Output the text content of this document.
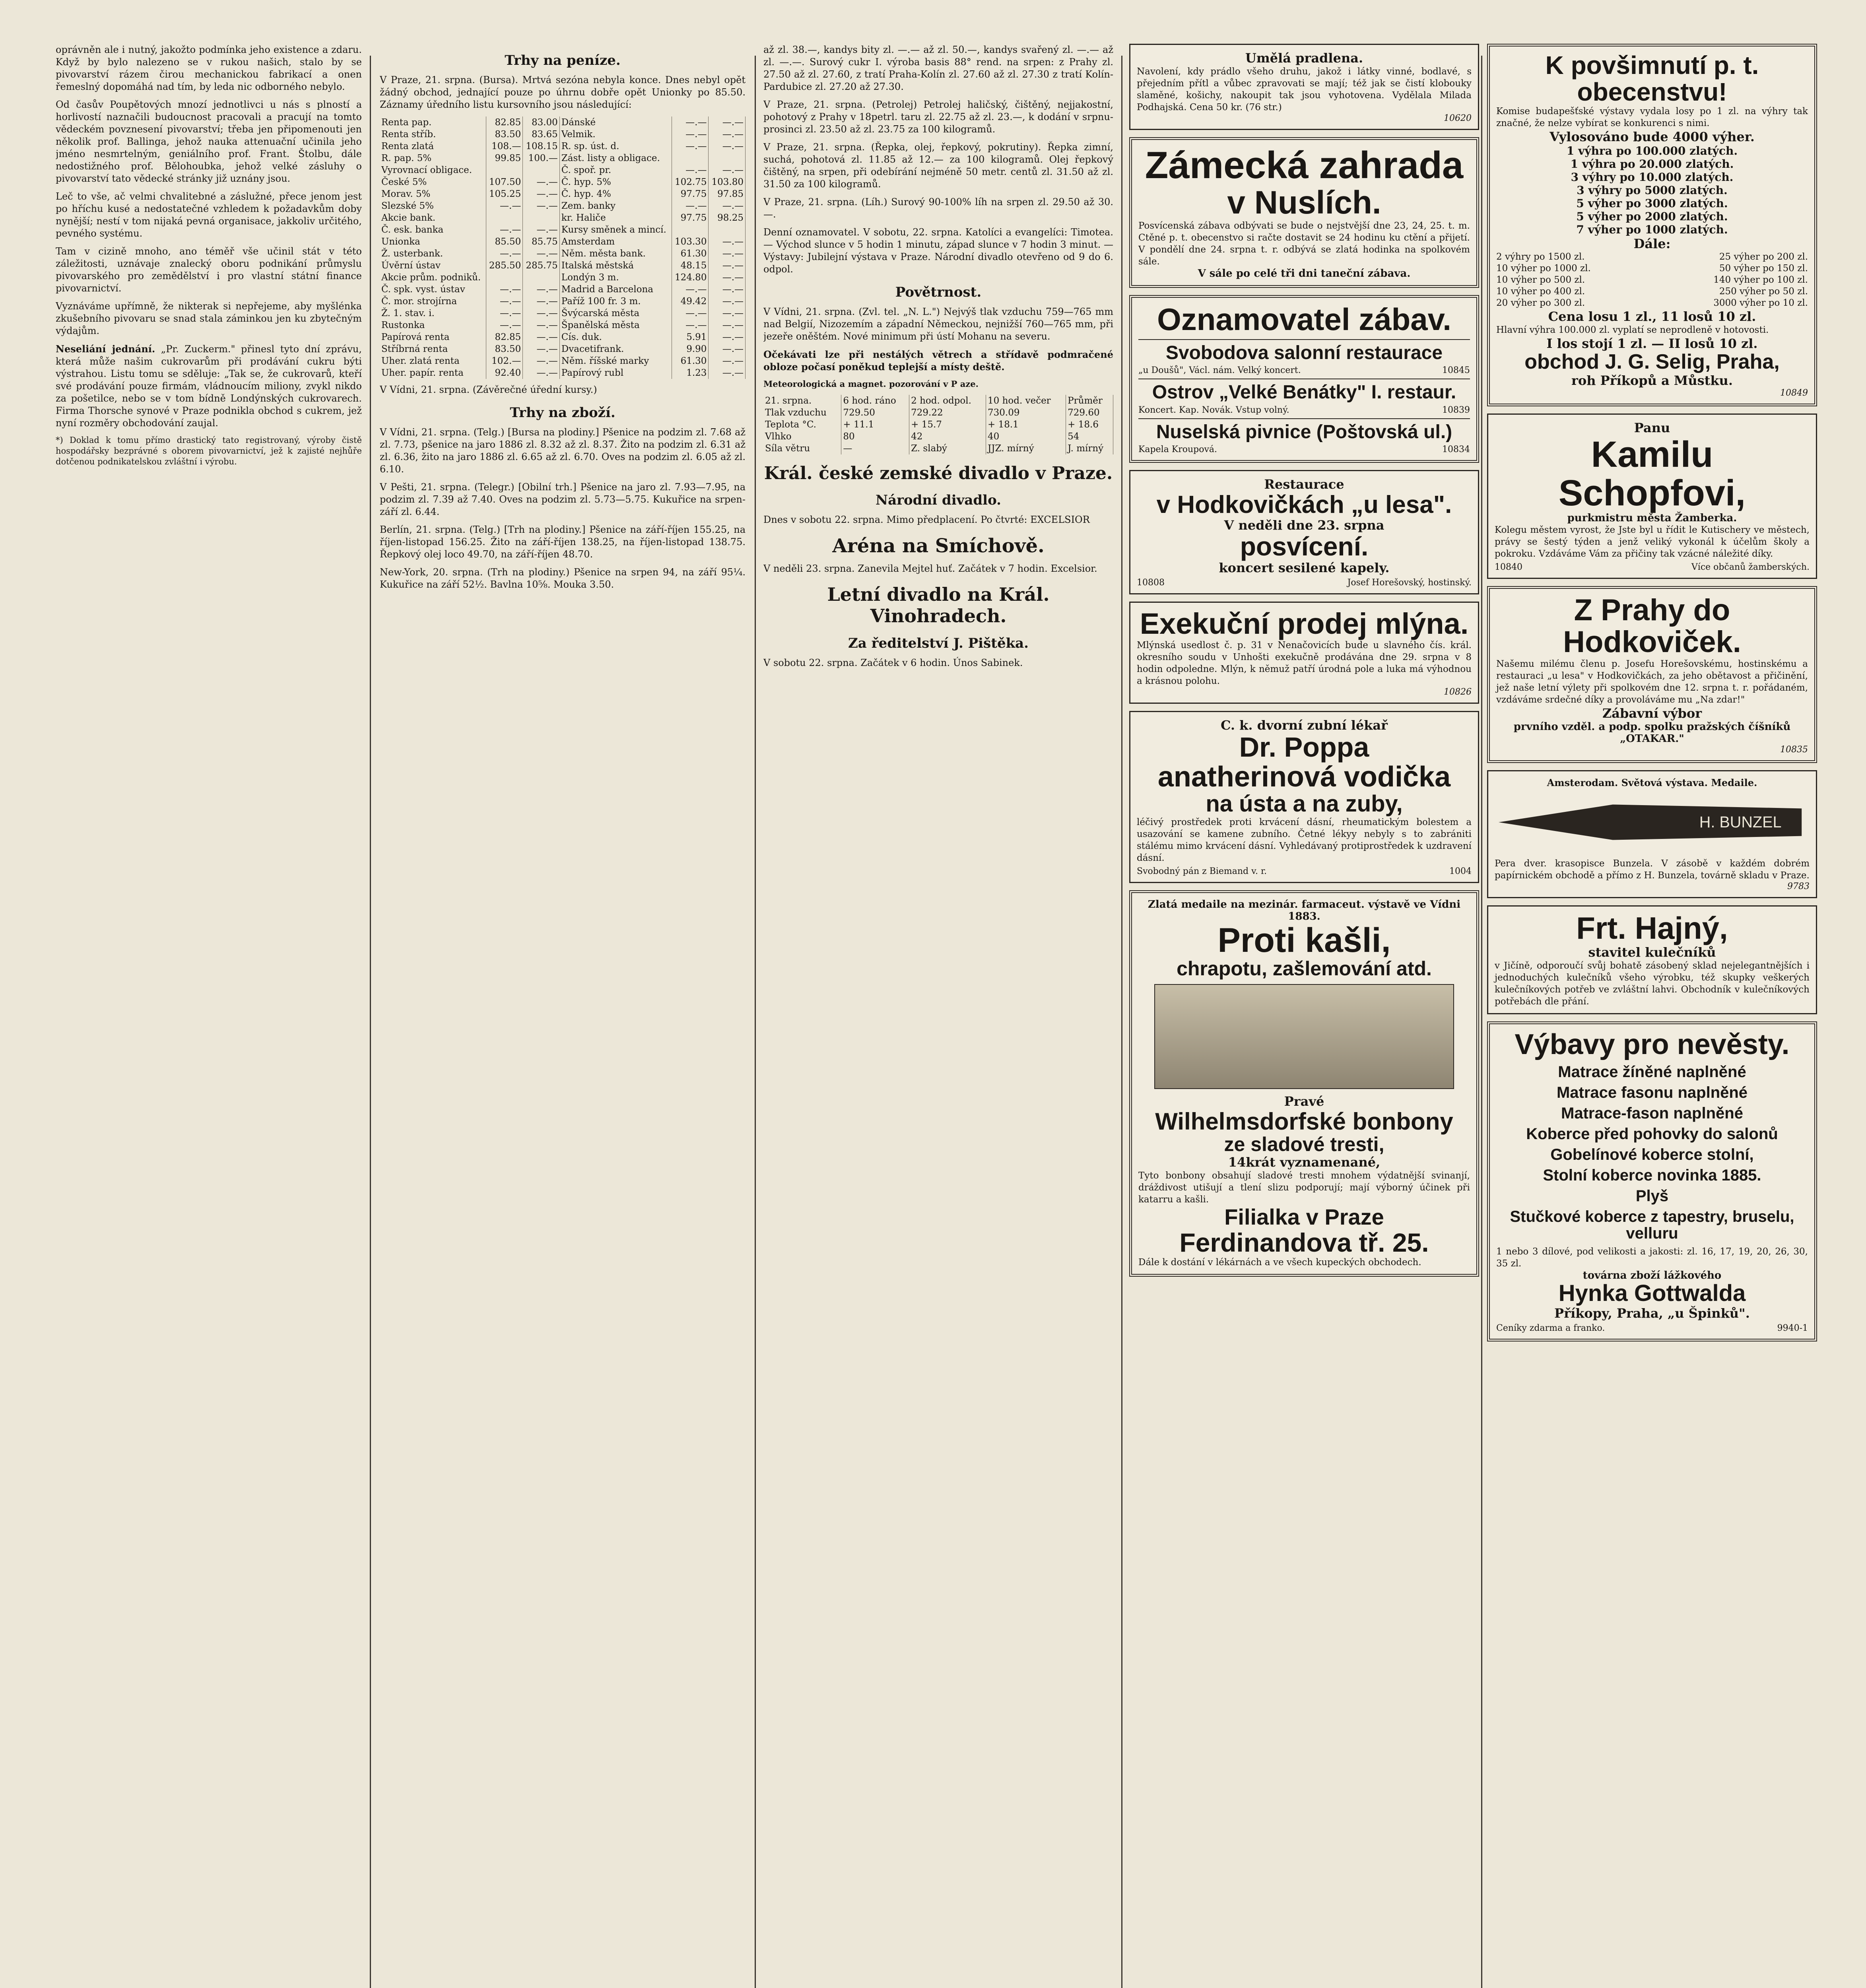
oprávněn ale i nutný, jakožto podmínka jeho existence a zdaru. Když by bylo nalezeno se v rukou našich, stalo by se pivovarství rázem čirou mechanickou fabrikací a onen řemeslný dopomáhá nad tím, by leda nic odborného nebylo.

Od časův Poupětových mnozí jednotlivci u nás s plností a horlivostí naznačili budoucnost pracovali a pracují na tomto vědeckém povznesení pivovarství; třeba jen připomenouti jen několik prof. Ballinga, jehož nauka attenuační učinila jeho jméno nesmrtelným, geniálního prof. Frant. Štolbu, dále nedostižného prof. Bělohoubka, jehož velké zásluhy o pivovarství tato vědecké stránky již uznány jsou.

Leč to vše, ač velmi chvalitebné a záslužné, přece jenom jest po hříchu kusé a nedostatečné vzhledem k požadavkům doby nynější; nestí v tom nijaká pevná organisace, jakkoliv určitého, pevného systému.

Tam v cizině mnoho, ano téměř vše učinil stát v této záležitosti, uznávaje znalecký oboru podnikání průmyslu pivovarského pro zemědělství i pro vlastní státní finance pivovarnictví.

Vyznáváme upřímně, že nikterak si nepřejeme, aby myšlénka zkušebního pivovaru se snad stala záminkou jen ku zbytečným výdajům.

Neseliání jednání. „Pr. Zuckerm." přinesl tyto dní zprávu, která může našim cukrovarům při prodávání cukru býti výstrahou. Listu tomu se sděluje: „Tak se, že cukrovarů, kteří své prodávání pouze firmám, vládnoucím miliony, zvykl nikdo za pošetilce, nebo se v tom bídně Londýnských cukrovarech. Firma Thorsche synové v Praze podnikla obchod s cukrem, jež nyní rozměry obchodování zaujal.

*) Doklad k tomu přímo drastický tato registrovaný, výroby čistě hospodářsky bezprávné s oborem pivovarnictví, jež k zajisté nejhůře dotčenou podnikatelskou zvláštní i výrobu.

Trhy na peníze.

V Praze, 21. srpna. (Bursa). Mrtvá sezóna nebyla konce. Dnes nebyl opět žádný obchod, jednající pouze po úhrnu dobře opět Unionky po 85.50. Záznamy úředního listu kursovního jsou následující:

Renta pap.	82.85	83.00	Dánské	—.—	—.—
Renta stříb.	83.50	83.65	Velmik.	—.—	—.—
Renta zlatá	108.—	108.15	R. sp. úst. d.	—.—	—.—
R. pap. 5%	99.85	100.—	Zást. listy a obligace.		
Vyrovnací obligace.			Č. spoř. pr.	—.—	—.—
České 5%	107.50	—.—	Č. hyp. 5%	102.75	103.80
Morav. 5%	105.25	—.—	Č. hyp. 4%	97.75	97.85
Slezské 5%	—.—	—.—	Zem. banky	—.—	—.—
Akcie bank.			kr. Haliče	97.75	98.25
Č. esk. banka	—.—	—.—	Kursy směnek a mincí.		
Unionka	85.50	85.75	Amsterdam	103.30	—.—
Ž. usterbank.	—.—	—.—	Něm. města bank.	61.30	—.—
Úvěrní ústav	285.50	285.75	Italská městská	48.15	—.—
Akcie prům. podniků.			Londýn 3 m.	124.80	—.—
Č. spk. vyst. ústav	—.—	—.—	Madrid a Barcelona	—.—	—.—
Č. mor. strojírna	—.—	—.—	Paříž 100 fr. 3 m.	49.42	—.—
Ž. 1. stav. i.	—.—	—.—	Švýcarská města	—.—	—.—
Rustonka	—.—	—.—	Španělská města	—.—	—.—
Papírová renta	82.85	—.—	Cís. duk.	5.91	—.—
Stříbrná renta	83.50	—.—	Dvacetifrank.	9.90	—.—
Uher. zlatá renta	102.—	—.—	Něm. říšské marky	61.30	—.—
Uher. papír. renta	92.40	—.—	Papírový rubl	1.23	—.—

V Vídni, 21. srpna. (Závěrečné úřední kursy.)

Trhy na zboží.

V Vídni, 21. srpna. (Telg.) [Bursa na plodiny.] Pšenice na podzim zl. 7.68 až zl. 7.73, pšenice na jaro 1886 zl. 8.32 až zl. 8.37. Žito na podzim zl. 6.31 až zl. 6.36, žito na jaro 1886 zl. 6.65 až zl. 6.70. Oves na podzim zl. 6.05 až zl. 6.10.

V Pešti, 21. srpna. (Telegr.) [Obilní trh.] Pšenice na jaro zl. 7.93—7.95, na podzim zl. 7.39 až 7.40. Oves na podzim zl. 5.73—5.75. Kukuřice na srpen-září zl. 6.44.

Berlín, 21. srpna. (Telg.) [Trh na plodiny.] Pšenice na září-říjen 155.25, na říjen-listopad 156.25. Žito na září-říjen 138.25, na říjen-listopad 138.75. Řepkový olej loco 49.70, na září-říjen 48.70.

New-York, 20. srpna. (Trh na plodiny.) Pšenice na srpen 94, na září 95¼. Kukuřice na září 52½. Bavlna 10⅝. Mouka 3.50.

až zl. 38.—, kandys bity zl. —.— až zl. 50.—, kandys svařený zl. —.— až zl. —.—. Surový cukr I. výroba basis 88° rend. na srpen: z Prahy zl. 27.50 až zl. 27.60, z tratí Praha-Kolín zl. 27.60 až zl. 27.30 z tratí Kolín-Pardubice zl. 27.20 až 27.30.

V Praze, 21. srpna. (Petrolej) Petrolej haličský, čištěný, nejjakostní, pohotový z Prahy v 18petrl. taru zl. 22.75 až zl. 23.—, k dodání v srpnu-prosinci zl. 23.50 až zl. 23.75 za 100 kilogramů.

V Praze, 21. srpna. (Řepka, olej, řepkový, pokrutiny). Řepka zimní, suchá, pohotová zl. 11.85 až 12.— za 100 kilogramů. Olej řepkový čištěný, na srpen, při odebírání nejméně 50 metr. centů zl. 31.50 až zl. 31.50 za 100 kilogramů.

V Praze, 21. srpna. (Líh.) Surový 90-100% líh na srpen zl. 29.50 až 30.—.

Denní oznamovatel. V sobotu, 22. srpna. Katolíci a evangelíci: Timotea. — Východ slunce v 5 hodin 1 minutu, západ slunce v 7 hodin 3 minut. — Výstavy: Jubilejní výstava v Praze. Národní divadlo otevřeno od 9 do 6. odpol.

Povětrnost.

V Vídni, 21. srpna. (Zvl. tel. „N. L.") Nejvýš tlak vzduchu 759—765 mm nad Belgií, Nizozemím a západní Německou, nejnižší 760—765 mm, při jezeře oněštém. Nové minimum při ústí Mohanu na severu.

Očekávati lze při nestálých větrech a střídavě podmračené obloze počasí poněkud teplejší a místy deště.

Meteorologická a magnet. pozorování v P aze.

21. srpna.	6 hod. ráno	2 hod. odpol.	10 hod. večer	Průměr
Tlak vzduchu	729.50	729.22	730.09	729.60
Teplota °C.	+ 11.1	+ 15.7	+ 18.1	+ 18.6
Vlhko	80	42	40	54
Síla větru	—	Z. slabý	JJZ. mírný	J. mírný
Král. české zemské divadlo v Praze.
Národní divadlo.

Dnes v sobotu 22. srpna. Mimo předplacení. Po čtvrté: EXCELSIOR

Aréna na Smíchově.

V neděli 23. srpna. Zanevila Mejtel huť. Začátek v 7 hodin. Excelsior.

Letní divadlo na Král. Vinohradech.
Za ředitelství J. Pištěka.

V sobotu 22. srpna. Začátek v 6 hodin. Únos Sabinek.

Umělá pradlena.
Navolení, kdy prádlo všeho druhu, jakož i látky vinné, bodlavé, s přejedním přítl a vůbec zpravovati se mají; též jak se čistí klobouky slaměné, košichy, nakoupit tak jsou vyhotovena. Vydělala Milada Podhajská. Cena 50 kr. (76 str.)
10620
Zámecká zahrada
v Nuslích.
Posvícenská zábava odbývati se bude o nejstvější dne 23, 24, 25. t. m. Ctěné p. t. obecenstvo si račte dostavit se 24 hodinu ku ctění a přijetí. V pondělí dne 24. srpna t. r. odbývá se zlatá hodinka na spolkovém sále.
V sále po celé tři dni taneční zábava.
Oznamovatel zábav.
Svobodova salonní restaurace
„u Doušů", Václ. nám. Velký koncert.	10845
Ostrov „Velké Benátky" I. restaur.
Koncert. Kap. Novák. Vstup volný.	10839
Nuselská pivnice (Poštovská ul.)
Kapela Kroupová.	10834
Restaurace
v Hodkovičkách „u lesa".
V neděli dne 23. srpna
posvícení.
koncert sesilené kapely.
10808	Josef Horešovský, hostinský.
Exekuční prodej mlýna.
Mlýnská usedlost č. p. 31 v Nenačovicích bude u slavného čís. král. okresního soudu v Unhošti exekučně prodávána dne 29. srpna v 8 hodin odpoledne. Mlýn, k němuž patří úrodná pole a luka má výhodnou a krásnou polohu.
10826
C. k. dvorní zubní lékař
Dr. Poppa
anatherinová vodička
na ústa a na zuby,
léčivý prostředek proti krvácení dásní, rheumatickým bolestem a usazování se kamene zubního. Četné lékyy nebyly s to zabrániti stálému mimo krvácení dásní. Vyhledávaný protiprostředek k uzdravení dásní.
Svobodný pán z Biemand v. r.	1004
Zlatá medaile na mezinár. farmaceut. výstavě ve Vídni 1883.
Proti kašli,
chrapotu, zašlemování atd.
Pravé
Wilhelmsdorfské bonbony
ze sladové tresti,
14krát vyznamenané,
Tyto bonbony obsahují sladové tresti mnohem výdatnější svinanjí, dráždivost utišují a tlení slizu podporují; mají výborný účinek při katarru a kašli.
Filialka v Praze
Ferdinandova tř. 25.
Dále k dostání v lékárnách a ve všech kupeckých obchodech.
K povšimnutí p. t. obecenstvu!
Komise budapešťské výstavy vydala losy po 1 zl. na výhry tak značné, že nelze vybírat se konkurenci s nimi.
Vylosováno bude 4000 výher.
1 výhra po 100.000 zlatých.
1 výhra po 20.000 zlatých.
3 výhry po 10.000 zlatých.
3 výhry po 5000 zlatých.
5 výher po 3000 zlatých.
5 výher po 2000 zlatých.
7 výher po 1000 zlatých.
Dále:
2 výhry po 1500 zl.	25 výher po 200 zl.
10 výher po 1000 zl.	50 výher po 150 zl.
10 výher po 500 zl.	140 výher po 100 zl.
10 výher po 400 zl.	250 výher po 50 zl.
20 výher po 300 zl.	3000 výher po 10 zl.
Cena losu 1 zl., 11 losů 10 zl.
Hlavní výhra 100.000 zl. vyplatí se neprodleně v hotovosti.
I los stojí 1 zl. — II losů 10 zl.
obchod J. G. Selig, Praha,
roh Příkopů a Můstku.
10849
Panu
Kamilu Schopfovi,
purkmistru města Žamberka.
Kolegu městem vyrost, že Jste byl u řídit le Kutischery ve městech, právy se šestý týden a jenž veliký vykonál k účelům školy a pokroku. Vzdáváme Vám za přičiny tak vzácné náležité díky.
10840	Více občanů žamberských.
Z Prahy do Hodkoviček.
Našemu milému členu p. Josefu Horešovskému, hostinskému a restauraci „u lesa" v Hodkovičkách, za jeho obětavost a přičinění, jež naše letní výlety při spolkovém dne 12. srpna t. r. pořádaném, vzdáváme srdečné díky a provoláváme mu „Na zdar!"
Zábavní výbor
prvního vzděl. a podp. spolku pražských číšníků „OTAKAR."
10835
Amsterodam. Světová výstava. Medaile.
H. BUNZEL
Pera dver. krasopisce Bunzela. V zásobě v každém dobrém papírnickém obchodě a přímo z H. Bunzela, továrně skladu v Praze.
9783
Frt. Hajný,
stavitel kulečníků
v Jičíně, odporoučí svůj bohatě zásobený sklad nejelegantnějších i jednoduchých kulečníků všeho výrobku, též skupky veškerých kulečníkových potřeb ve zvláštní lahvi. Obchodník v kulečníkových potřebách dle přání.
Výbavy pro nevěsty.
Matrace žíněné naplněné
Matrace fasonu naplněné
Matrace-fason naplněné
Koberce před pohovky do salonů
Gobelínové koberce stolní,
Stolní koberce novinka 1885.
Plyš
Stučkové koberce z tapestry, bruselu, velluru
1 nebo 3 dílové, pod velikosti a jakosti: zl. 16, 17, 19, 20, 26, 30, 35 zl.
továrna zboží lážkového
Hynka Gottwalda
Příkopy, Praha, „u Špinků".
Ceníky zdarma a franko.	9940-1
